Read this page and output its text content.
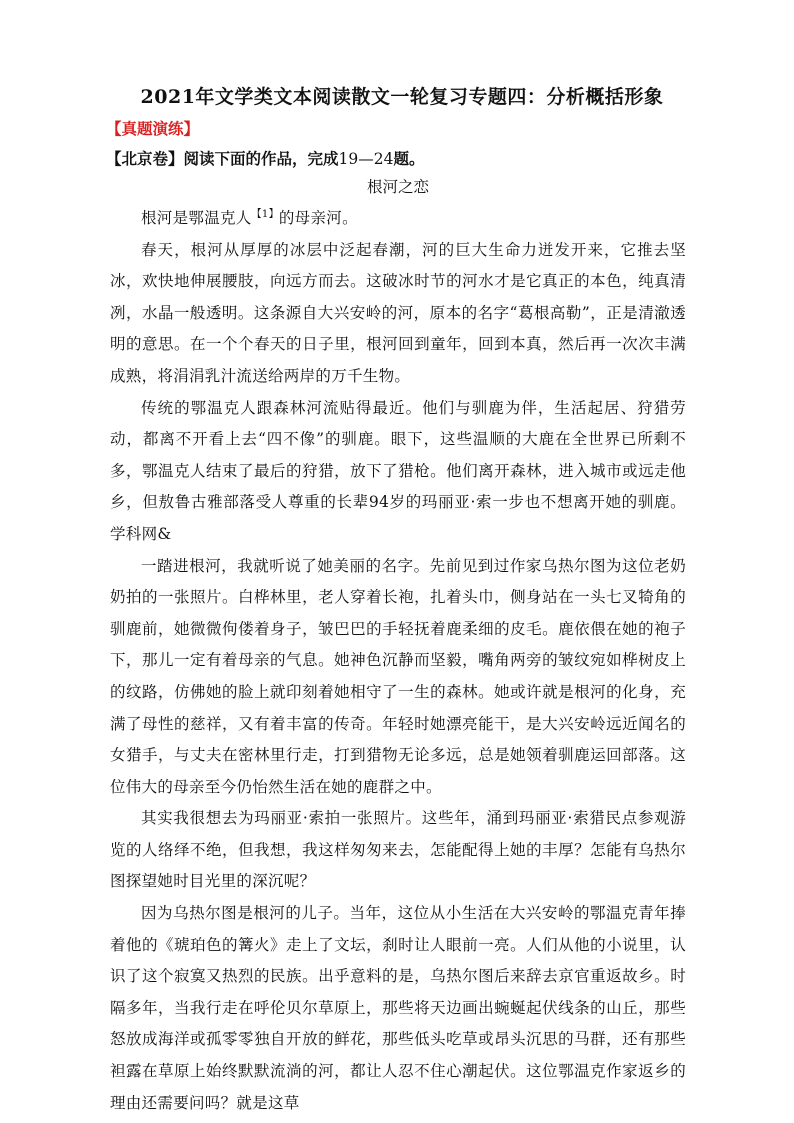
2021年文学类文本阅读散文一轮复习专题四：分析概括形象
【真题演练】
【北京卷】阅读下面的作品，完成19—24题。
根河之恋

根河是鄂温克人$^{【1】}$的母亲河。

春天，根河从厚厚的冰层中泛起春潮，河的巨大生命力迸发开来，它推去坚冰，欢快地伸展腰肢，向远方而去。这破冰时节的河水才是它真正的本色，纯真清冽，水晶一般透明。这条源自大兴安岭的河，原本的名字“葛根高勒”，正是清澈透明的意思。在一个个春天的日子里，根河回到童年，回到本真，然后再一次次丰满成熟，将涓涓乳汁流送给两岸的万千生物。

传统的鄂温克人跟森林河流贴得最近。他们与驯鹿为伴，生活起居、狩猎劳动，都离不开看上去“四不像”的驯鹿。眼下，这些温顺的大鹿在全世界已所剩不多，鄂温克人结束了最后的狩猎，放下了猎枪。他们离开森林，进入城市或远走他乡，但敖鲁古雅部落受人尊重的长辈94岁的玛丽亚·索一步也不想离开她的驯鹿。学科网&

一踏进根河，我就听说了她美丽的名字。先前见到过作家乌热尔图为这位老奶奶拍的一张照片。白桦林里，老人穿着长袍，扎着头巾，侧身站在一头七叉犄角的驯鹿前，她微微佝偻着身子，皱巴巴的手轻抚着鹿柔细的皮毛。鹿依偎在她的袍子下，那儿一定有着母亲的气息。她神色沉静而坚毅，嘴角两旁的皱纹宛如桦树皮上的纹路，仿佛她的脸上就印刻着她相守了一生的森林。她或许就是根河的化身，充满了母性的慈祥，又有着丰富的传奇。年轻时她漂亮能干，是大兴安岭远近闻名的女猎手，与丈夫在密林里行走，打到猎物无论多远，总是她领着驯鹿运回部落。这位伟大的母亲至今仍怡然生活在她的鹿群之中。

其实我很想去为玛丽亚·索拍一张照片。这些年，涌到玛丽亚·索猎民点参观游览的人络绎不绝，但我想，我这样匆匆来去，怎能配得上她的丰厚？怎能有乌热尔图探望她时目光里的深沉呢？

因为乌热尔图是根河的儿子。当年，这位从小生活在大兴安岭的鄂温克青年捧着他的《琥珀色的篝火》走上了文坛，刹时让人眼前一亮。人们从他的小说里，认识了这个寂寞又热烈的民族。出乎意料的是，乌热尔图后来辞去京官重返故乡。时隔多年，当我行走在呼伦贝尔草原上，那些将天边画出蜿蜒起伏线条的山丘，那些怒放成海洋或孤零零独自开放的鲜花，那些低头吃草或昂头沉思的马群，还有那些袒露在草原上始终默默流淌的河，都让人忍不住心潮起伏。这位鄂温克作家返乡的理由还需要问吗？就是这草
